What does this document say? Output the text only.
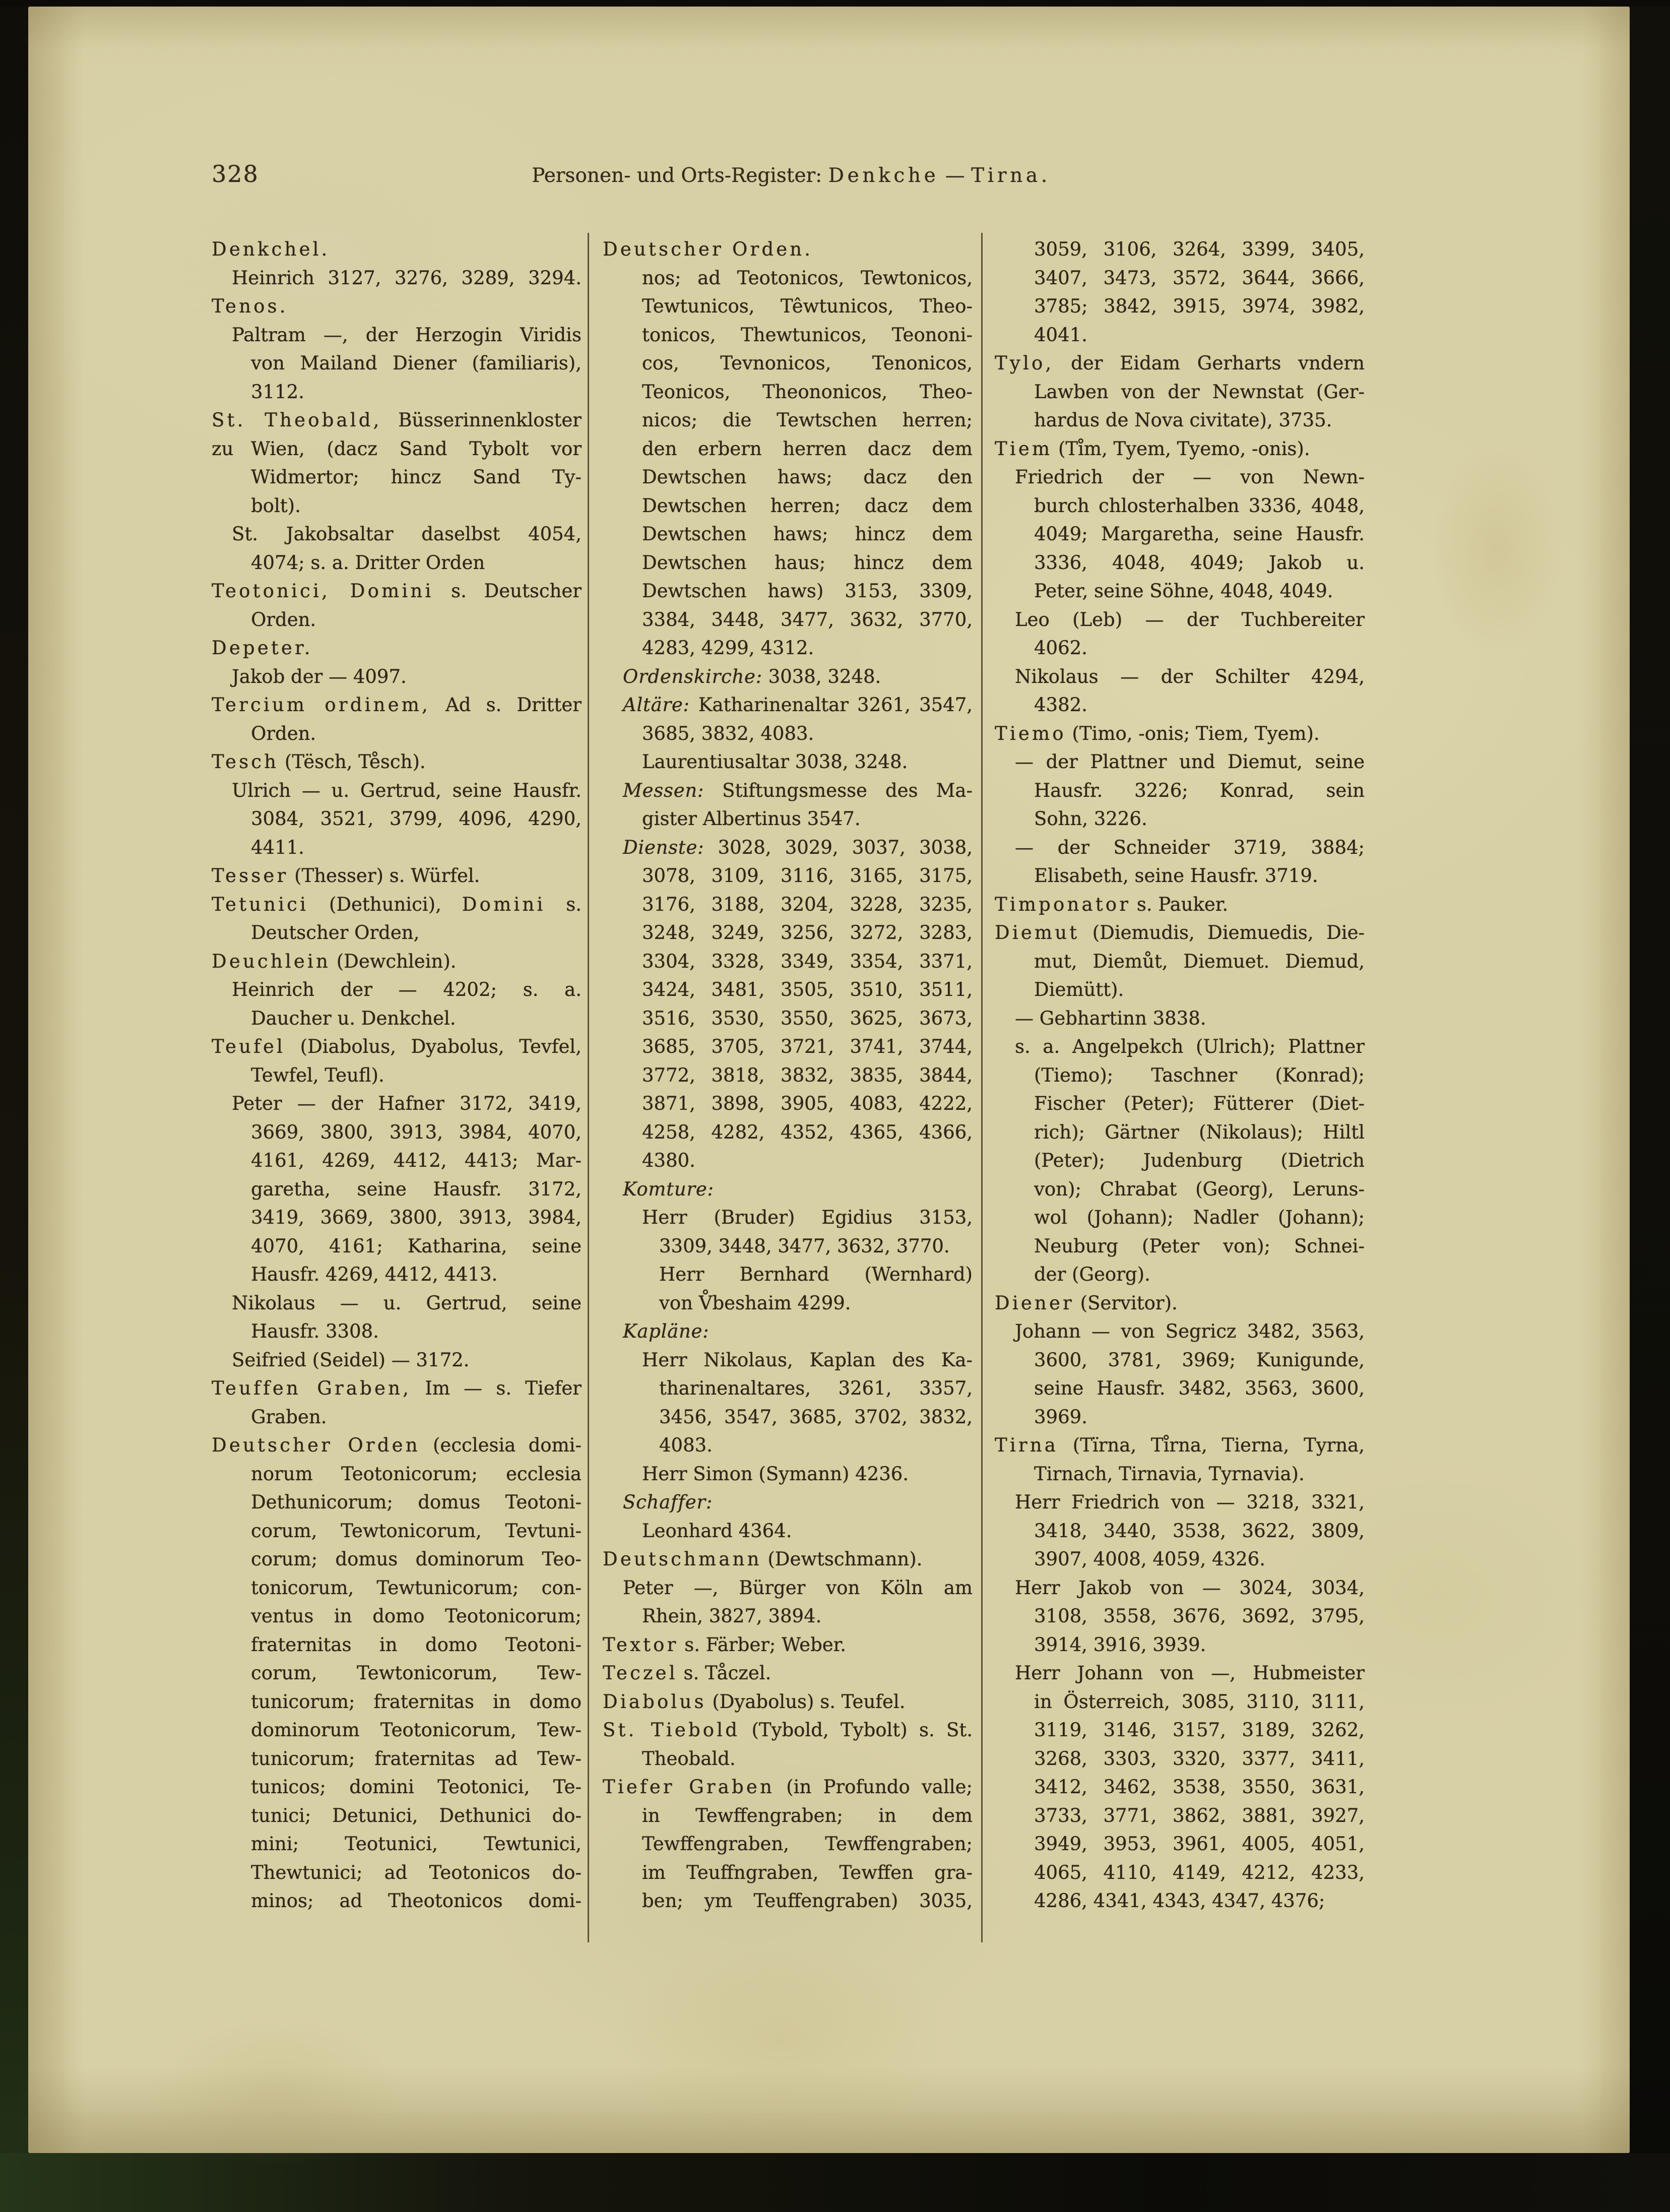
328	Personen- und Orts-Register: Denkche — Tirna.
Denkchel.
Heinrich 3127, 3276, 3289, 3294.
Tenos.
Paltram —, der Herzogin Viridis
von Mailand Diener (familiaris),
3112.
St. Theobald, Büsserinnenkloster zu Wien, (dacz Sand Tybolt vor
Widmertor; hincz Sand Ty-
bolt).
St. Jakobsaltar daselbst 4054,
4074; s. a. Dritter Orden
Teotonici, Domini s. Deutscher
Orden.
Depeter.
Jakob der — 4097.
Tercium ordinem, Ad s. Dritter
Orden.
Tesch (Tësch, Te̊sch).
Ulrich — u. Gertrud, seine Hausfr.
3084, 3521, 3799, 4096, 4290,
4411.
Tesser (Thesser) s. Würfel.
Tetunici (Dethunici), Domini s.
Deutscher Orden,
Deuchlein (Dewchlein).
Heinrich der — 4202; s. a.
Daucher u. Denkchel.
Teufel (Diabolus, Dyabolus, Tevfel,
Tewfel, Teufl).
Peter — der Hafner 3172, 3419,
3669, 3800, 3913, 3984, 4070,
4161, 4269, 4412, 4413; Mar-
garetha, seine Hausfr. 3172,
3419, 3669, 3800, 3913, 3984,
4070, 4161; Katharina, seine
Hausfr. 4269, 4412, 4413.
Nikolaus — u. Gertrud, seine
Hausfr. 3308.
Seifried (Seidel) — 3172.
Teuffen Graben, Im — s. Tiefer
Graben.
Deutscher Orden (ecclesia domi-
norum Teotonicorum; ecclesia
Dethunicorum; domus Teotoni-
corum, Tewtonicorum, Tevtuni-
corum; domus dominorum Teo-
tonicorum, Tewtunicorum; con-
ventus in domo Teotonicorum;
fraternitas in domo Teotoni-
corum, Tewtonicorum, Tew-
tunicorum; fraternitas in domo
dominorum Teotonicorum, Tew-
tunicorum; fraternitas ad Tew-
tunicos; domini Teotonici, Te-
tunici; Detunici, Dethunici do-
mini; Teotunici, Tewtunici,
Thewtunici; ad Teotonicos do-
minos; ad Theotonicos domi-
Deutscher Orden.
nos; ad Teotonicos, Tewtonicos,
Tewtunicos, Têwtunicos, Theo-
tonicos, Thewtunicos, Teononi-
cos, Tevnonicos, Tenonicos,
Teonicos, Theononicos, Theo-
nicos; die Tewtschen herren;
den erbern herren dacz dem
Dewtschen haws; dacz den
Dewtschen herren; dacz dem
Dewtschen haws; hincz dem
Dewtschen haus; hincz dem
Dewtschen haws) 3153, 3309,
3384, 3448, 3477, 3632, 3770,
4283, 4299, 4312.
Ordenskirche: 3038, 3248.
Altäre: Katharinenaltar 3261, 3547,
3685, 3832, 4083.
Laurentiusaltar 3038, 3248.
Messen: Stiftungsmesse des Ma-
gister Albertinus 3547.
Dienste: 3028, 3029, 3037, 3038,
3078, 3109, 3116, 3165, 3175,
3176, 3188, 3204, 3228, 3235,
3248, 3249, 3256, 3272, 3283,
3304, 3328, 3349, 3354, 3371,
3424, 3481, 3505, 3510, 3511,
3516, 3530, 3550, 3625, 3673,
3685, 3705, 3721, 3741, 3744,
3772, 3818, 3832, 3835, 3844,
3871, 3898, 3905, 4083, 4222,
4258, 4282, 4352, 4365, 4366,
4380.
Komture:
Herr (Bruder) Egidius 3153,
3309, 3448, 3477, 3632, 3770.
Herr Bernhard (Wernhard)
von V̊beshaim 4299.
Kapläne:
Herr Nikolaus, Kaplan des Ka-
tharinenaltares, 3261, 3357,
3456, 3547, 3685, 3702, 3832,
4083.
Herr Simon (Symann) 4236.
Schaffer:
Leonhard 4364.
Deutschmann (Dewtschmann).
Peter —, Bürger von Köln am
Rhein, 3827, 3894.
Textor s. Färber; Weber.
Teczel s. Tåczel.
Diabolus (Dyabolus) s. Teufel.
St. Tiebold (Tybold, Tybolt) s. St.
Theobald.
Tiefer Graben (in Profundo valle;
in Tewffengraben; in dem
Tewffengraben, Tewffengraben;
im Teuffngraben, Tewffen gra-
ben; ym Teuffengraben) 3035,
3059, 3106, 3264, 3399, 3405,
3407, 3473, 3572, 3644, 3666,
3785; 3842, 3915, 3974, 3982,
4041.
Tylo, der Eidam Gerharts vndern
Lawben von der Newnstat (Ger-
hardus de Nova civitate), 3735.
Tiem (Tı̊m, Tyem, Tyemo, -onis).
Friedrich der — von Newn-
burch chlosterhalben 3336, 4048,
4049; Margaretha, seine Hausfr.
3336, 4048, 4049; Jakob u.
Peter, seine Söhne, 4048, 4049.
Leo (Leb) — der Tuchbereiter
4062.
Nikolaus — der Schilter 4294,
4382.
Tiemo (Timo, -onis; Tiem, Tyem).
— der Plattner und Diemut, seine
Hausfr. 3226; Konrad, sein
Sohn, 3226.
— der Schneider 3719, 3884;
Elisabeth, seine Hausfr. 3719.
Timponator s. Pauker.
Diemut (Diemudis, Diemuedis, Die-
mut, Diemůt, Diemuet. Diemud,
Diemütt).
— Gebhartinn 3838.
s. a. Angelpekch (Ulrich); Plattner
(Tiemo); Taschner (Konrad);
Fischer (Peter); Fütterer (Diet-
rich); Gärtner (Nikolaus); Hiltl
(Peter); Judenburg (Dietrich
von); Chrabat (Georg), Leruns-
wol (Johann); Nadler (Johann);
Neuburg (Peter von); Schnei-
der (Georg).
Diener (Servitor).
Johann — von Segricz 3482, 3563,
3600, 3781, 3969; Kunigunde,
seine Hausfr. 3482, 3563, 3600,
3969.
Tirna (Tïrna, Tı̊rna, Tierna, Tyrna,
Tirnach, Tirnavia, Tyrnavia).
Herr Friedrich von — 3218, 3321,
3418, 3440, 3538, 3622, 3809,
3907, 4008, 4059, 4326.
Herr Jakob von — 3024, 3034,
3108, 3558, 3676, 3692, 3795,
3914, 3916, 3939.
Herr Johann von —, Hubmeister
in Österreich, 3085, 3110, 3111,
3119, 3146, 3157, 3189, 3262,
3268, 3303, 3320, 3377, 3411,
3412, 3462, 3538, 3550, 3631,
3733, 3771, 3862, 3881, 3927,
3949, 3953, 3961, 4005, 4051,
4065, 4110, 4149, 4212, 4233,
4286, 4341, 4343, 4347, 4376;
